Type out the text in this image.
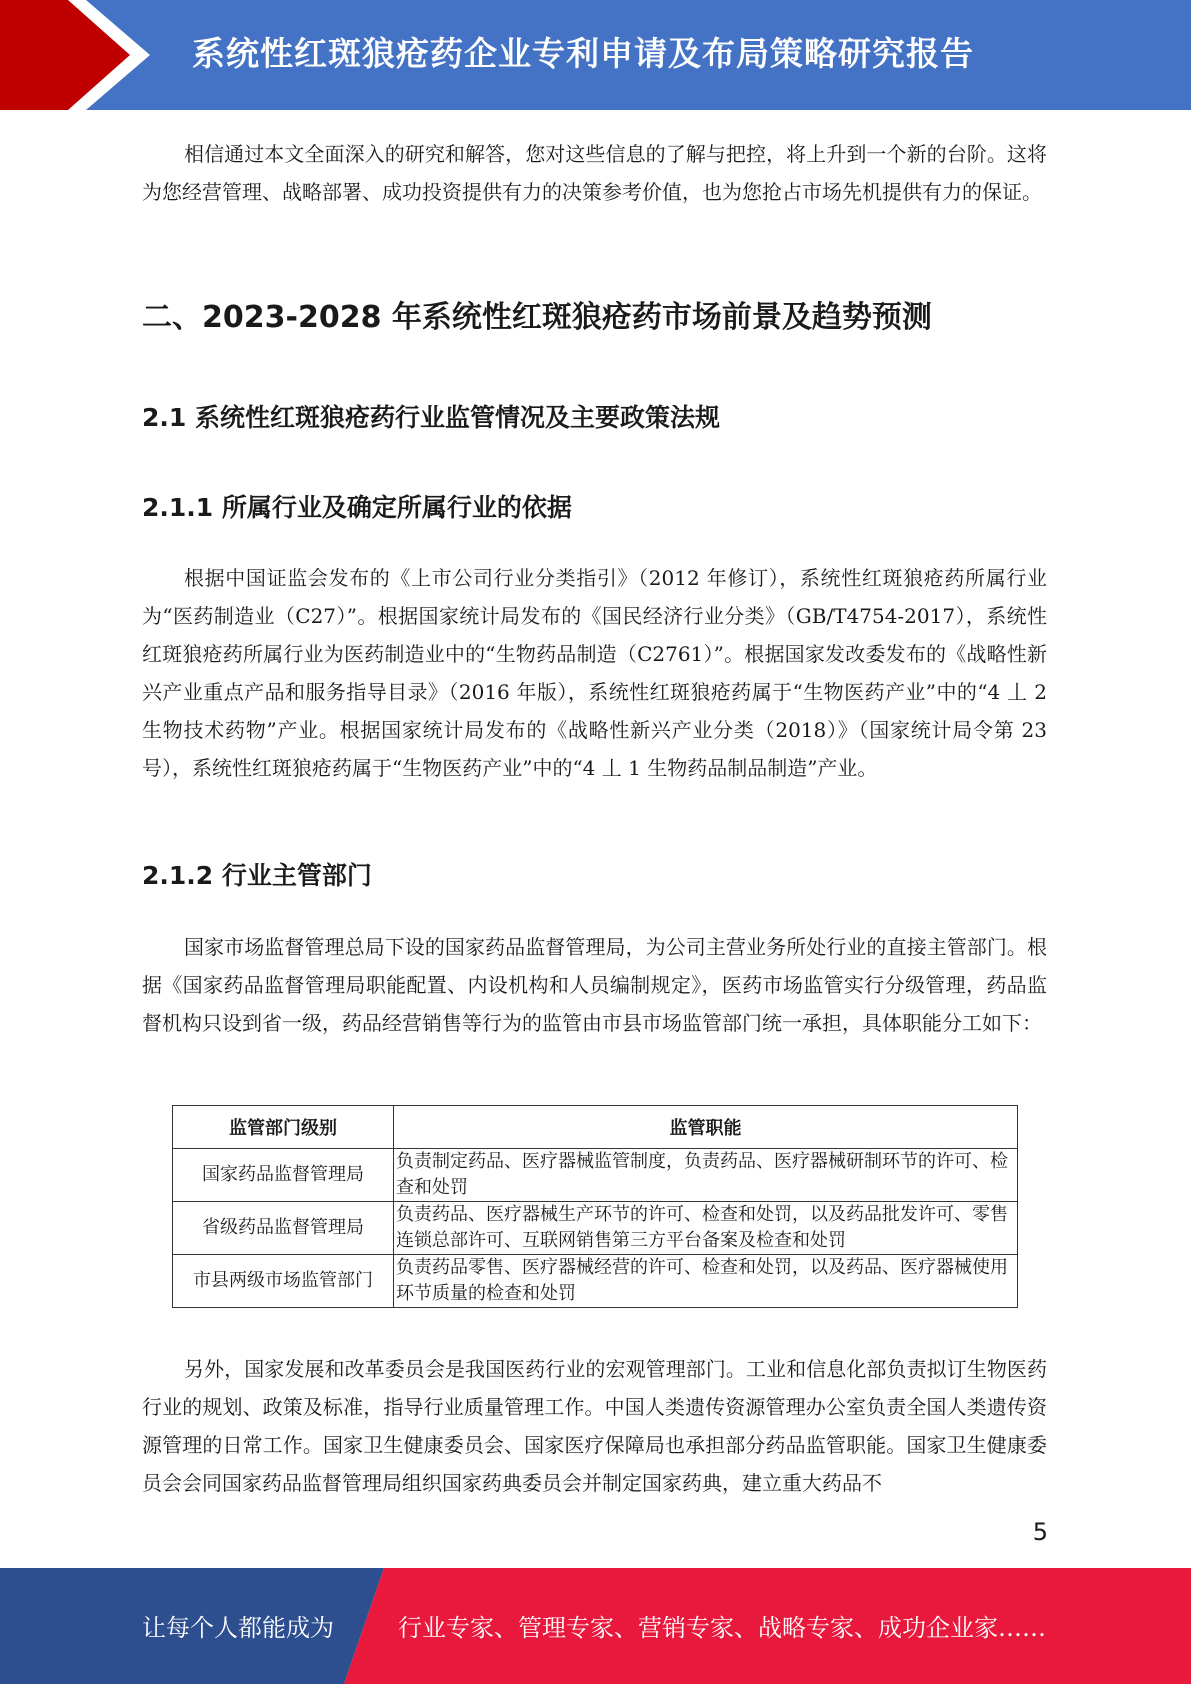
系统性红斑狼疮药企业专利申请及布局策略研究报告

相信通过本文全面深入的研究和解答，您对这些信息的了解与把控，将上升到一个新的台阶。这将为您经营管理、战略部署、成功投资提供有力的决策参考价值，也为您抢占市场先机提供有力的保证。

二、2023-2028 年系统性红斑狼疮药市场前景及趋势预测
2.1 系统性红斑狼疮药行业监管情况及主要政策法规
2.1.1 所属行业及确定所属行业的依据

根据中国证监会发布的《上市公司行业分类指引》（2012 年修订），系统性红斑狼疮药所属行业为“医药制造业（C27）”。根据国家统计局发布的《国民经济行业分类》（GB/T4754-2017），系统性红斑狼疮药所属行业为医药制造业中的“生物药品制造（C2761）”。根据国家发改委发布的《战略性新兴产业重点产品和服务指导目录》（2016 年版），系统性红斑狼疮药属于“生物医药产业”中的“4 丄 2 生物技术药物”产业。根据国家统计局发布的《战略性新兴产业分类（2018）》（国家统计局令第 23 号），系统性红斑狼疮药属于“生物医药产业”中的“4 丄 1 生物药品制品制造”产业。

2.1.2 行业主管部门

国家市场监督管理总局下设的国家药品监督管理局，为公司主营业务所处行业的直接主管部门。根据《国家药品监督管理局职能配置、内设机构和人员编制规定》，医药市场监管实行分级管理，药品监督机构只设到省一级，药品经营销售等行为的监管由市县市场监管部门统一承担，具体职能分工如下：

监管部门级别	监管职能
国家药品监督管理局	负责制定药品、医疗器械监管制度，负责药品、医疗器械研制环节的许可、检查和处罚
省级药品监督管理局	负责药品、医疗器械生产环节的许可、检查和处罚，以及药品批发许可、零售连锁总部许可、互联网销售第三方平台备案及检查和处罚
市县两级市场监管部门	负责药品零售、医疗器械经营的许可、检查和处罚，以及药品、医疗器械使用环节质量的检查和处罚

另外，国家发展和改革委员会是我国医药行业的宏观管理部门。工业和信息化部负责拟订生物医药行业的规划、政策及标准，指导行业质量管理工作。中国人类遗传资源管理办公室负责全国人类遗传资源管理的日常工作。国家卫生健康委员会、国家医疗保障局也承担部分药品监管职能。国家卫生健康委员会会同国家药品监督管理局组织国家药典委员会并制定国家药典，建立重大药品不

5
让每个人都能成为	行业专家、管理专家、营销专家、战略专家、成功企业家……
